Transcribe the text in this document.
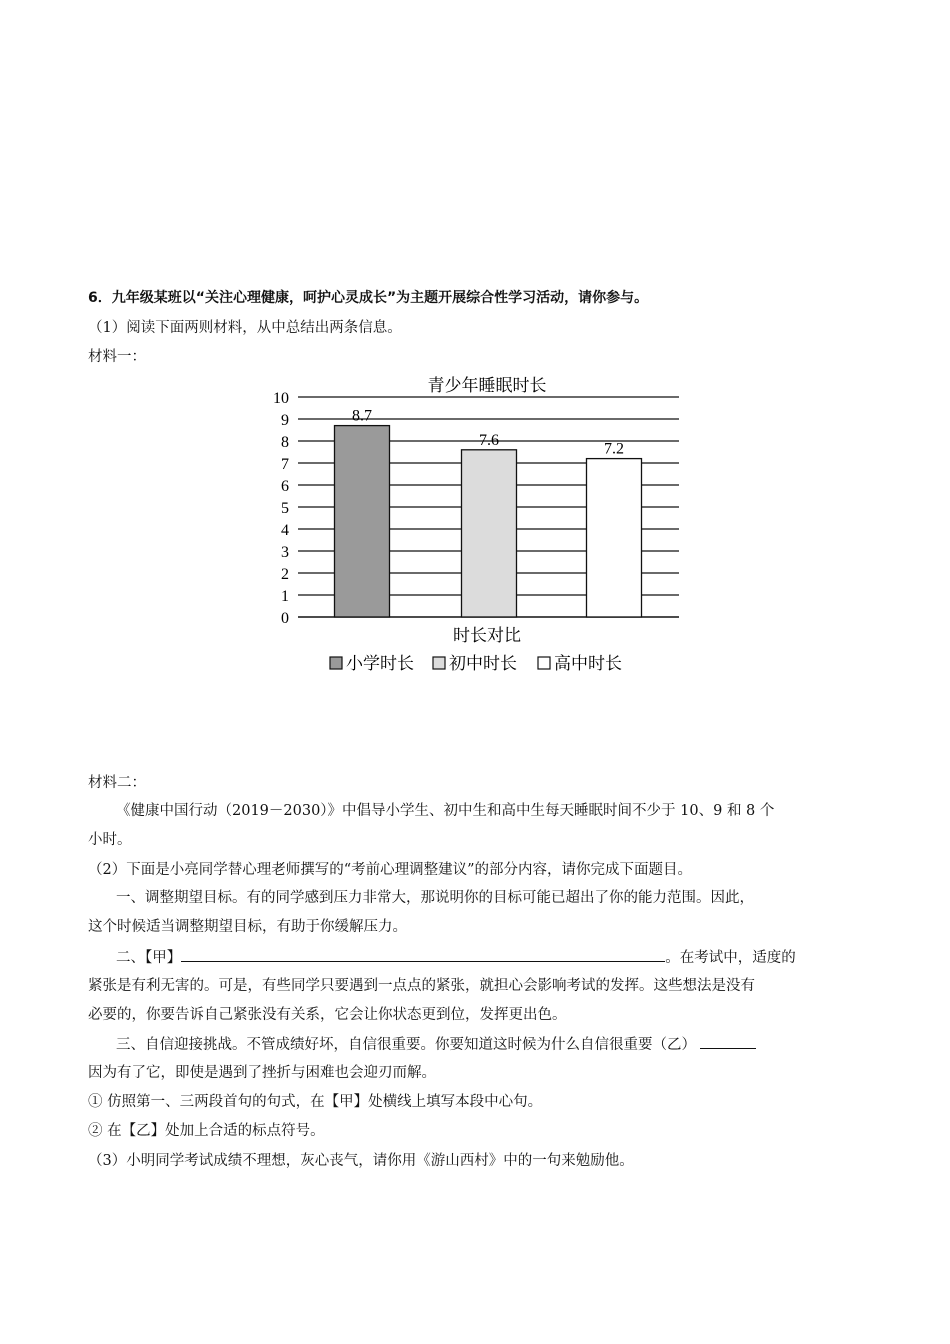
6．九年级某班以“关注心理健康，呵护心灵成长”为主题开展综合性学习活动，请你参与。
（1）阅读下面两则材料，从中总结出两条信息。
材料一：
青少年睡眠时长
0
1
2
3
4
5
6
7
8
9
10
8.7
7.6
7.2
时长对比
小学时长 初中时长 高中时长
材料二：
《健康中国行动（2019－2030）》中倡导小学生、初中生和高中生每天睡眠时间不少于 10、9 和 8 个
小时。
（2）下面是小亮同学替心理老师撰写的“考前心理调整建议”的部分内容，请你完成下面题目。
一、调整期望目标。有的同学感到压力非常大，那说明你的目标可能已超出了你的能力范围。因此，
这个时候适当调整期望目标，有助于你缓解压力。
二、【甲】	。在考试中，适度的
紧张是有利无害的。可是，有些同学只要遇到一点点的紧张，就担心会影响考试的发挥。这些想法是没有
必要的，你要告诉自己紧张没有关系，它会让你状态更到位，发挥更出色。
三、自信迎接挑战。不管成绩好坏，自信很重要。你要知道这时候为什么自信很重要（乙）
因为有了它，即使是遇到了挫折与困难也会迎刃而解。
① 仿照第一、三两段首句的句式，在【甲】处横线上填写本段中心句。
② 在【乙】处加上合适的标点符号。
（3）小明同学考试成绩不理想，灰心丧气，请你用《游山西村》中的一句来勉励他。
